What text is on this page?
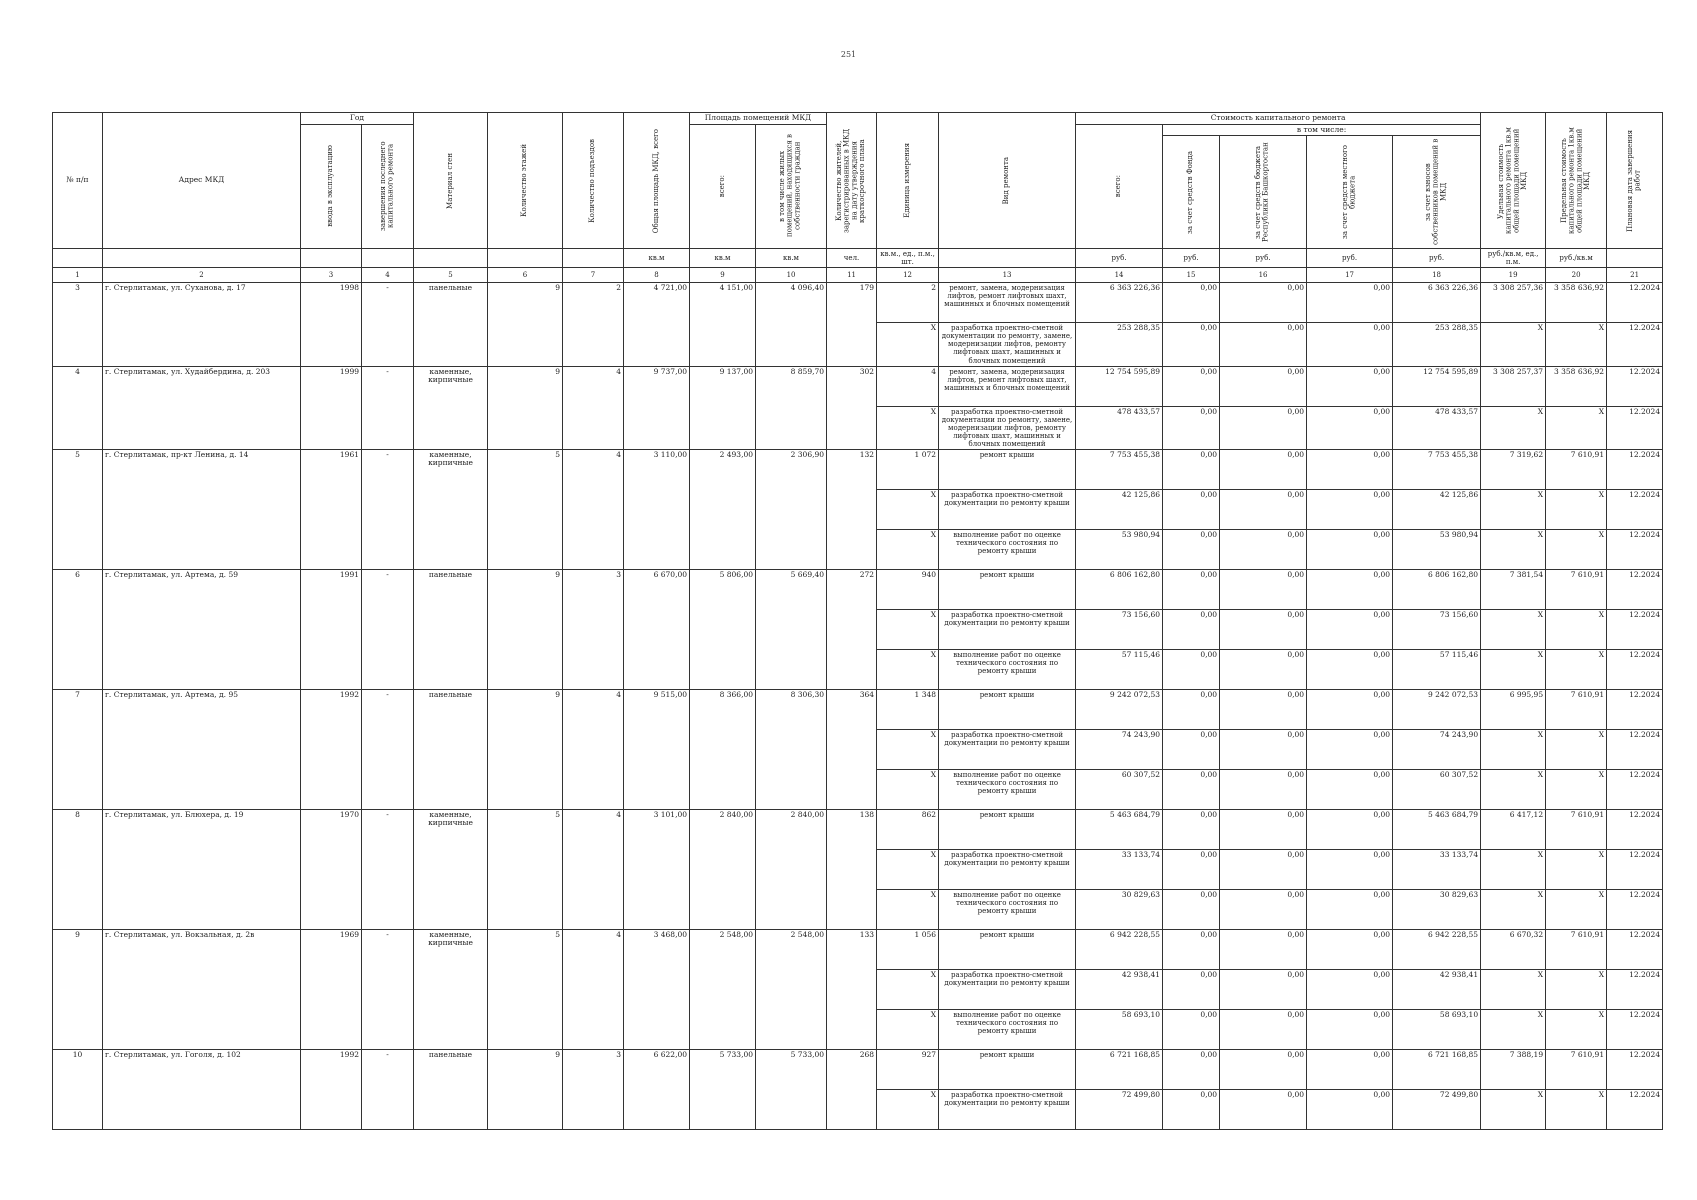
251
№ п/п	Адрес МКД	Год		Материал стен	Количество этажей	Количество подъездов	Общая площадь МКД, всего	Площадь помещений МКД		Количество жителей, зарегистрированных в МКД на дату утверждения краткосрочного плана	Единица измерения	Вид ремонта	Стоимость капитального ремонта					Удельная стоимость капитального ремонта 1кв.м общей площади помещений МКД	Предельная стоимость капитального ремонта 1кв.м общей площади помещений МКД	Плановая дата завершения работ

		ввода в эксплуатацию	завершения последнего капитального ремонта					всего:	в том числе жилых помещений, находящихся в собственности граждан				всего:	в том числе:						

														за счет средств Фонда	за счет средств бюджета Республики Башкортостан	за счет средств местного бюджета	за счет взносов собственников помещений в МКД			

							кв.м	кв.м	кв.м	чел.	кв.м., ед., п.м., шт.		руб.	руб.	руб.	руб.	руб.	руб./кв.м, ед., п.м.	руб./кв.м	
1	2	3	4	5	6	7	8	9	10	11	12	13	14	15	16	17	18	19	20	21
3	г. Стерлитамак, ул. Суханова, д. 17	1998	-	панельные	9	2	4 721,00	4 151,00	4 096,40	179	2	ремонт, замена, модернизация лифтов, ремонт лифтовых шахт, машинных и блочных помещений	6 363 226,36	0,00	0,00	0,00	6 363 226,36	3 308 257,36	3 358 636,92	12.2024
											X	разработка проектно-сметной документации по ремонту, замене, модернизации лифтов, ремонту лифтовых шахт, машинных и блочных помещений	253 288,35	0,00	0,00	0,00	253 288,35	X	X	12.2024
4	г. Стерлитамак, ул. Худайбердина, д. 203	1999	-	каменные, кирпичные	9	4	9 737,00	9 137,00	8 859,70	302	4	ремонт, замена, модернизация лифтов, ремонт лифтовых шахт, машинных и блочных помещений	12 754 595,89	0,00	0,00	0,00	12 754 595,89	3 308 257,37	3 358 636,92	12.2024
											X	разработка проектно-сметной документации по ремонту, замене, модернизации лифтов, ремонту лифтовых шахт, машинных и блочных помещений	478 433,57	0,00	0,00	0,00	478 433,57	X	X	12.2024
5	г. Стерлитамак, пр-кт Ленина, д. 14	1961	-	каменные, кирпичные	5	4	3 110,00	2 493,00	2 306,90	132	1 072	ремонт крыши	7 753 455,38	0,00	0,00	0,00	7 753 455,38	7 319,62	7 610,91	12.2024
											X	разработка проектно-сметной документации по ремонту крыши	42 125,86	0,00	0,00	0,00	42 125,86	X	X	12.2024
											X	выполнение работ по оценке технического состояния по ремонту крыши	53 980,94	0,00	0,00	0,00	53 980,94	X	X	12.2024
6	г. Стерлитамак, ул. Артема, д. 59	1991	-	панельные	9	3	6 670,00	5 806,00	5 669,40	272	940	ремонт крыши	6 806 162,80	0,00	0,00	0,00	6 806 162,80	7 381,54	7 610,91	12.2024
											X	разработка проектно-сметной документации по ремонту крыши	73 156,60	0,00	0,00	0,00	73 156,60	X	X	12.2024
											X	выполнение работ по оценке технического состояния по ремонту крыши	57 115,46	0,00	0,00	0,00	57 115,46	X	X	12.2024
7	г. Стерлитамак, ул. Артема, д. 95	1992	-	панельные	9	4	9 515,00	8 366,00	8 306,30	364	1 348	ремонт крыши	9 242 072,53	0,00	0,00	0,00	9 242 072,53	6 995,95	7 610,91	12.2024
											X	разработка проектно-сметной документации по ремонту крыши	74 243,90	0,00	0,00	0,00	74 243,90	X	X	12.2024
											X	выполнение работ по оценке технического состояния по ремонту крыши	60 307,52	0,00	0,00	0,00	60 307,52	X	X	12.2024
8	г. Стерлитамак, ул. Блюхера, д. 19	1970	-	каменные, кирпичные	5	4	3 101,00	2 840,00	2 840,00	138	862	ремонт крыши	5 463 684,79	0,00	0,00	0,00	5 463 684,79	6 417,12	7 610,91	12.2024
											X	разработка проектно-сметной документации по ремонту крыши	33 133,74	0,00	0,00	0,00	33 133,74	X	X	12.2024
											X	выполнение работ по оценке технического состояния по ремонту крыши	30 829,63	0,00	0,00	0,00	30 829,63	X	X	12.2024
9	г. Стерлитамак, ул. Вокзальная, д. 2в	1969	-	каменные, кирпичные	5	4	3 468,00	2 548,00	2 548,00	133	1 056	ремонт крыши	6 942 228,55	0,00	0,00	0,00	6 942 228,55	6 670,32	7 610,91	12.2024
											X	разработка проектно-сметной документации по ремонту крыши	42 938,41	0,00	0,00	0,00	42 938,41	X	X	12.2024
											X	выполнение работ по оценке технического состояния по ремонту крыши	58 693,10	0,00	0,00	0,00	58 693,10	X	X	12.2024
10	г. Стерлитамак, ул. Гоголя, д. 102	1992	-	панельные	9	3	6 622,00	5 733,00	5 733,00	268	927	ремонт крыши	6 721 168,85	0,00	0,00	0,00	6 721 168,85	7 388,19	7 610,91	12.2024
											X	разработка проектно-сметной документации по ремонту крыши	72 499,80	0,00	0,00	0,00	72 499,80	X	X	12.2024
